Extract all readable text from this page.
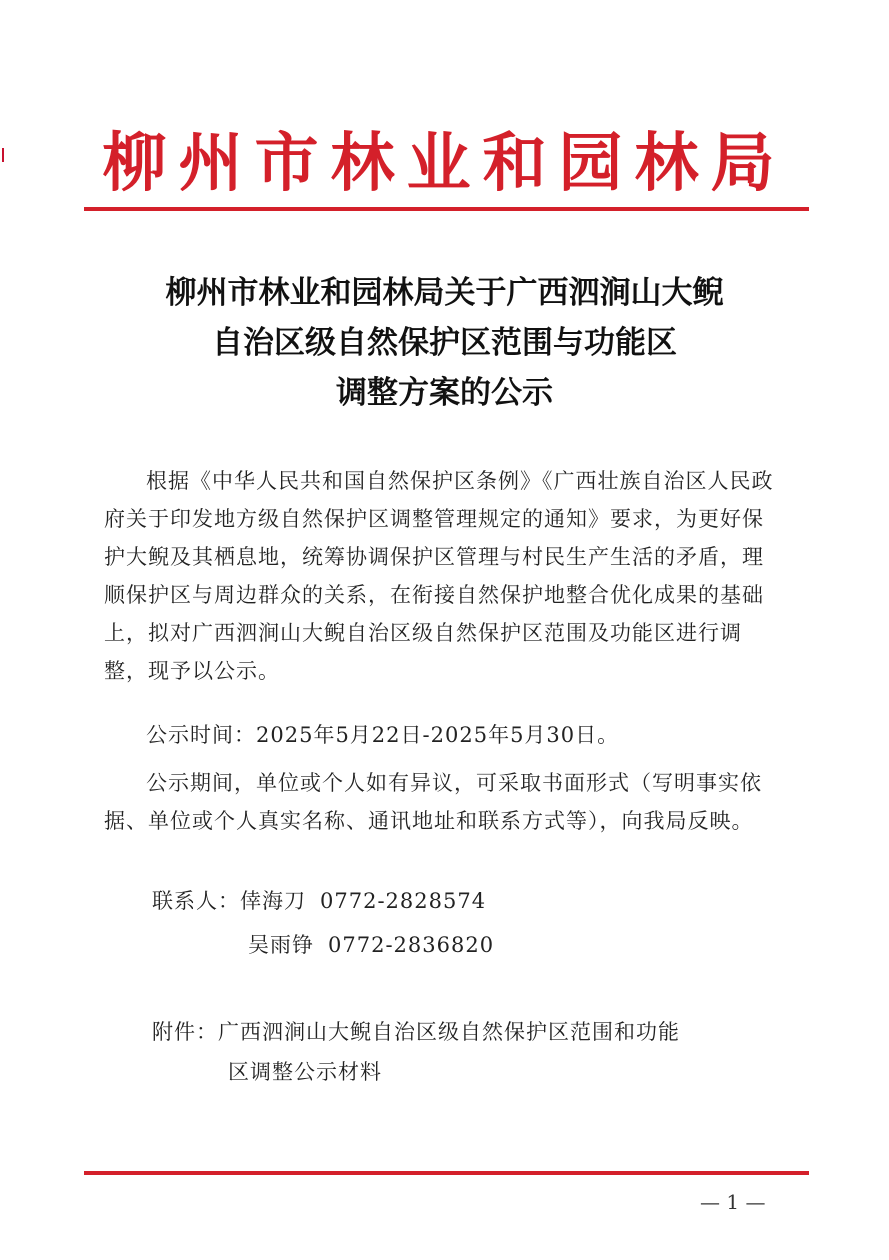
柳州市林业和园林局
柳州市林业和园林局关于广西泗涧山大鲵
自治区级自然保护区范围与功能区
调整方案的公示
根据《中华人民共和国自然保护区条例》《广西壮族自治区人民政府关于印发地方级自然保护区调整管理规定的通知》要求，为更好保护大鲵及其栖息地，统筹协调保护区管理与村民生产生活的矛盾，理顺保护区与周边群众的关系，在衔接自然保护地整合优化成果的基础上，拟对广西泗涧山大鲵自治区级自然保护区范围及功能区进行调整，现予以公示。
公示时间：2025年5月22日-2025年5月30日。
公示期间，单位或个人如有异议，可采取书面形式（写明事实依据、单位或个人真实名称、通讯地址和联系方式等），向我局反映。
联系人：倖海刀 0772-2828574
吴雨铮 0772-2836820
附件：广西泗涧山大鲵自治区级自然保护区范围和功能
区调整公示材料
— 1 —
